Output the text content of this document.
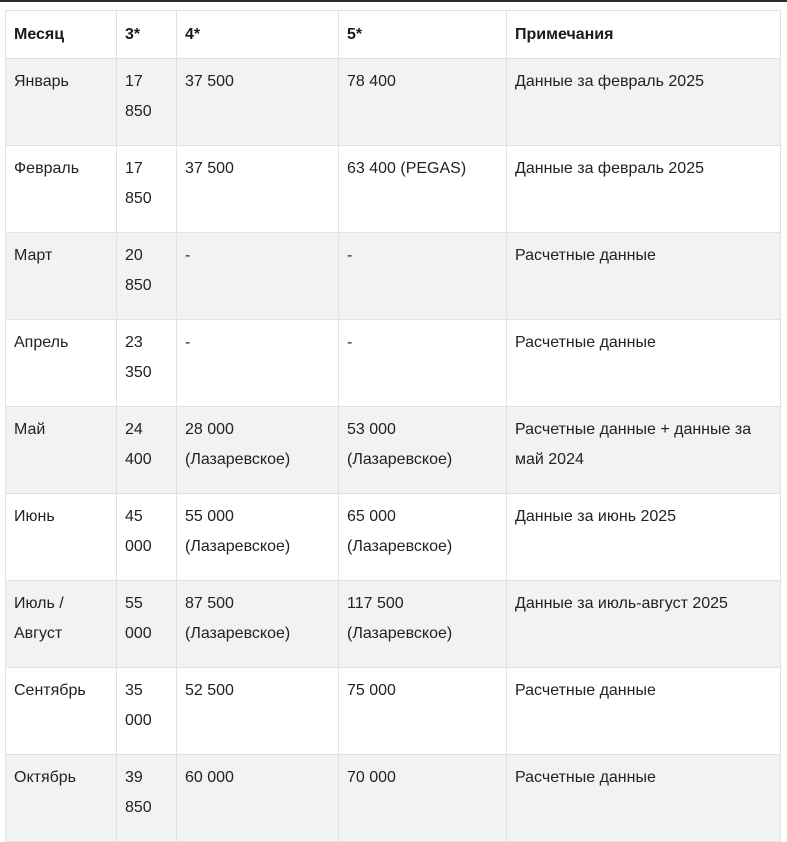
Месяц	3*	4*	5*	Примечания
Январь	17 850	37 500	78 400	Данные за февраль 2025
Февраль	17 850	37 500	63 400 (PEGAS)	Данные за февраль 2025
Март	20 850	-	-	Расчетные данные
Апрель	23 350	-	-	Расчетные данные
Май	24 400	28 000 (Лазаревское)	53 000 (Лазаревское)	Расчетные данные + данные за май 2024
Июнь	45 000	55 000 (Лазаревское)	65 000 (Лазаревское)	Данные за июнь 2025
Июль / Август	55 000	87 500 (Лазаревское)	117 500 (Лазаревское)	Данные за июль-август 2025
Сентябрь	35 000	52 500	75 000	Расчетные данные
Октябрь	39 850	60 000	70 000	Расчетные данные
